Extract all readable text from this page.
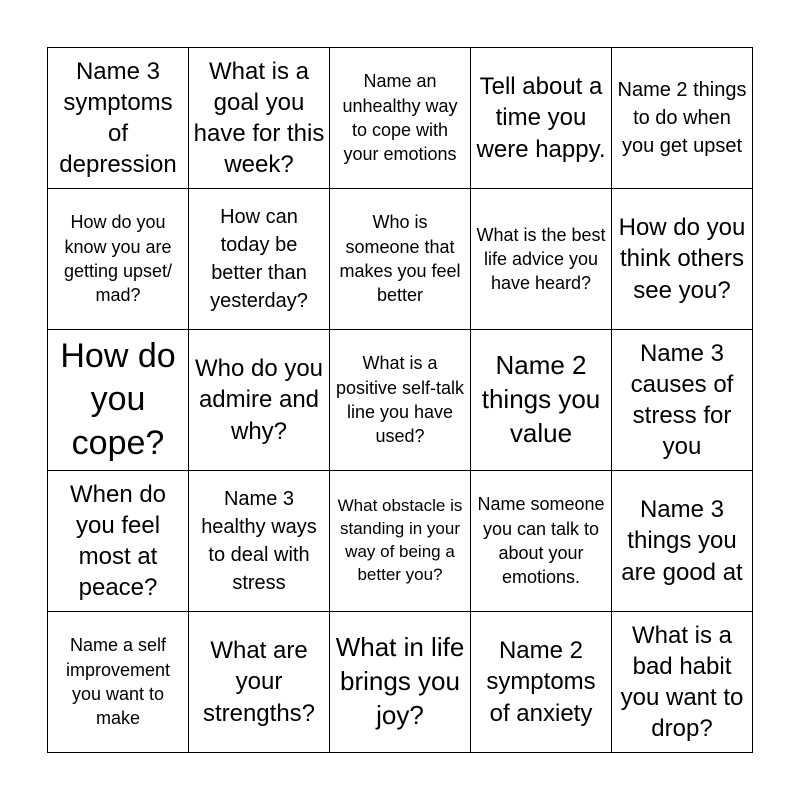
Name 3 symptoms of depression
What is a goal you have for this week?
Name an unhealthy way to cope with your emotions
Tell about a time you were happy.
Name 2 things to do when you get upset
How do you know you are getting upset/ mad?
How can today be better than yesterday?
Who is someone that makes you feel better
What is the best life advice you have heard?
How do you think others see you?
How do you cope?
Who do you admire and why?
What is a positive self-talk line you have used?
Name 2 things you value
Name 3 causes of stress for you
When do you feel most at peace?
Name 3 healthy ways to deal with stress
What obstacle is standing in your way of being a better you?
Name someone you can talk to about your emotions.
Name 3 things you are good at
Name a self improvement you want to make
What are your strengths?
What in life brings you joy?
Name 2 symptoms of anxiety
What is a bad habit you want to drop?
